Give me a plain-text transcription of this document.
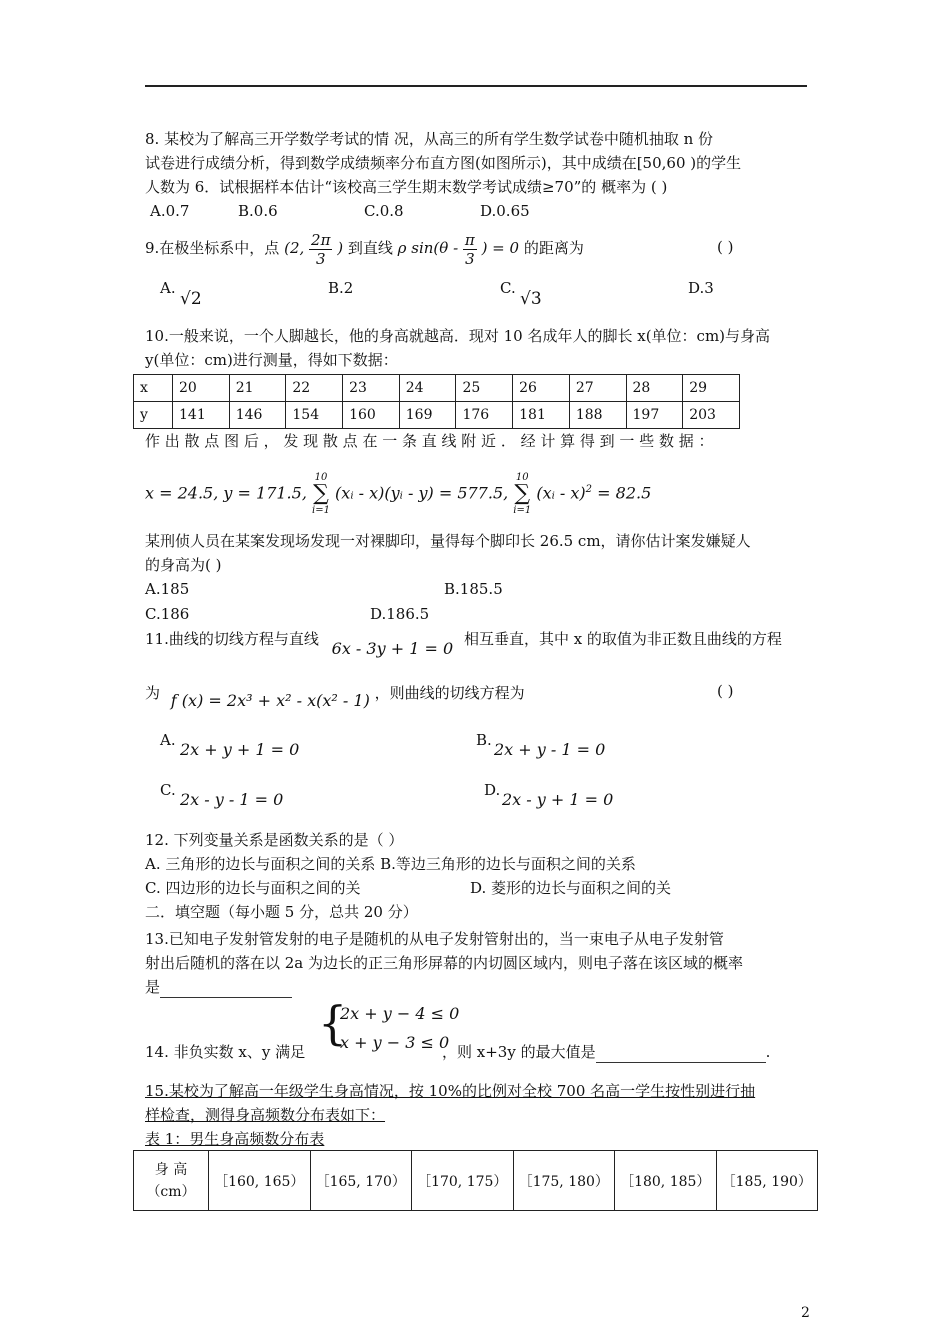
8. 某校为了解高三开学数学考试的情 况，从高三的所有学生数学试卷中随机抽取 n 份
试卷进行成绩分析，得到数学成绩频率分布直方图(如图所示)，其中成绩在[50,60 )的学生
人数为 6．试根据样本估计“该校高三学生期末数学考试成绩≥70”的 概率为 ( )
A.0.7	B.0.6	C.0.8	D.0.65
9.在极坐标系中，点 (2, $\frac{2\pi}{3}$ ) 到直线 ρ $\sin(\theta - \frac{\pi}{3}$ ) = 0 的距离为	( )
A.
√2
B.2	C.
√3
D.3
10.一般来说，一个人脚越长，他的身高就越高．现对 10 名成年人的脚长 x(单位：cm)与身高
y(单位：cm)进行测量，得如下数据：
x	20	21	22	23	24	25	26	27	28	29
y	141	146	154	160	169	176	181	188	197	203
作 出 散 点 图 后 ， 发 现 散 点 在 一 条 直 线 附 近 ． 经 计 算 得 到 一 些 数 据 ：
x = 24.5, y = 171.5, 10
∑
i=1 (xᵢ - x)(yᵢ - y) = 577.5, 10
∑
i=1 (xᵢ - x)$^2$ = 82.5
某刑侦人员在某案发现场发现一对裸脚印，量得每个脚印长 26.5 cm，请你估计案发嫌疑人
的身高为( )
A.185	B.185.5
C.186	D.186.5
11.曲线的切线方程与直线 6x - 3y + 1 = 0 相互垂直，其中 x 的取值为非正数且曲线的方程
为 f (x) = 2x³ + x² - x(x² - 1) ，则曲线的切线方程为	( )
A. 2x + y + 1 = 0	B. 2x + y - 1 = 0
C. 2x - y - 1 = 0	D. 2x - y + 1 = 0
12. 下列变量关系是函数关系的是（ ）
A. 三角形的边长与面积之间的关系 B.等边三角形的边长与面积之间的关系
C. 四边形的边长与面积之间的关	D. 菱形的边长与面积之间的关
二．填空题（每小题 5 分，总共 20 分）
13.已知电子发射管发射的电子是随机的从电子发射管射出的，当一束电子从电子发射管
射出后随机的落在以 2a 为边长的正三角形屏幕的内切圆区域内，则电子落在该区域的概率
是
{
2x + y − 4 ≤ 0
x + y − 3 ≤ 0
14. 非负实数 x、y 满足	，则 x+3y 的最大值是	.
15.某校为了解高一年级学生身高情况，按 10%的比例对全校 700 名高一学生按性别进行抽
样检查，测得身高频数分布表如下：
表 1：男生身高频数分布表
身 高
（cm）
	［160, 165）	［165, 170）	［170, 175）	［175, 180）	［180, 185）	［185, 190）
2
